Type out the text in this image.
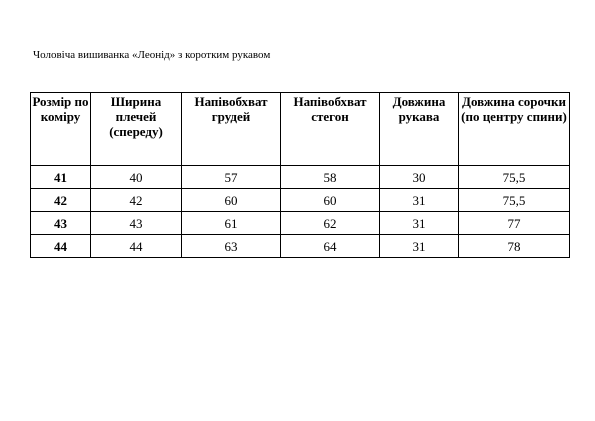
Чоловіча вишиванка «Леонід» з коротким рукавом
Розмір по коміру	Ширина плечей (спереду)	Напівобхват грудей	Напівобхват стегон	Довжина рукава	Довжина сорочки (по центру спини)
41	40	57	58	30	75,5
42	42	60	60	31	75,5
43	43	61	62	31	77
44	44	63	64	31	78
